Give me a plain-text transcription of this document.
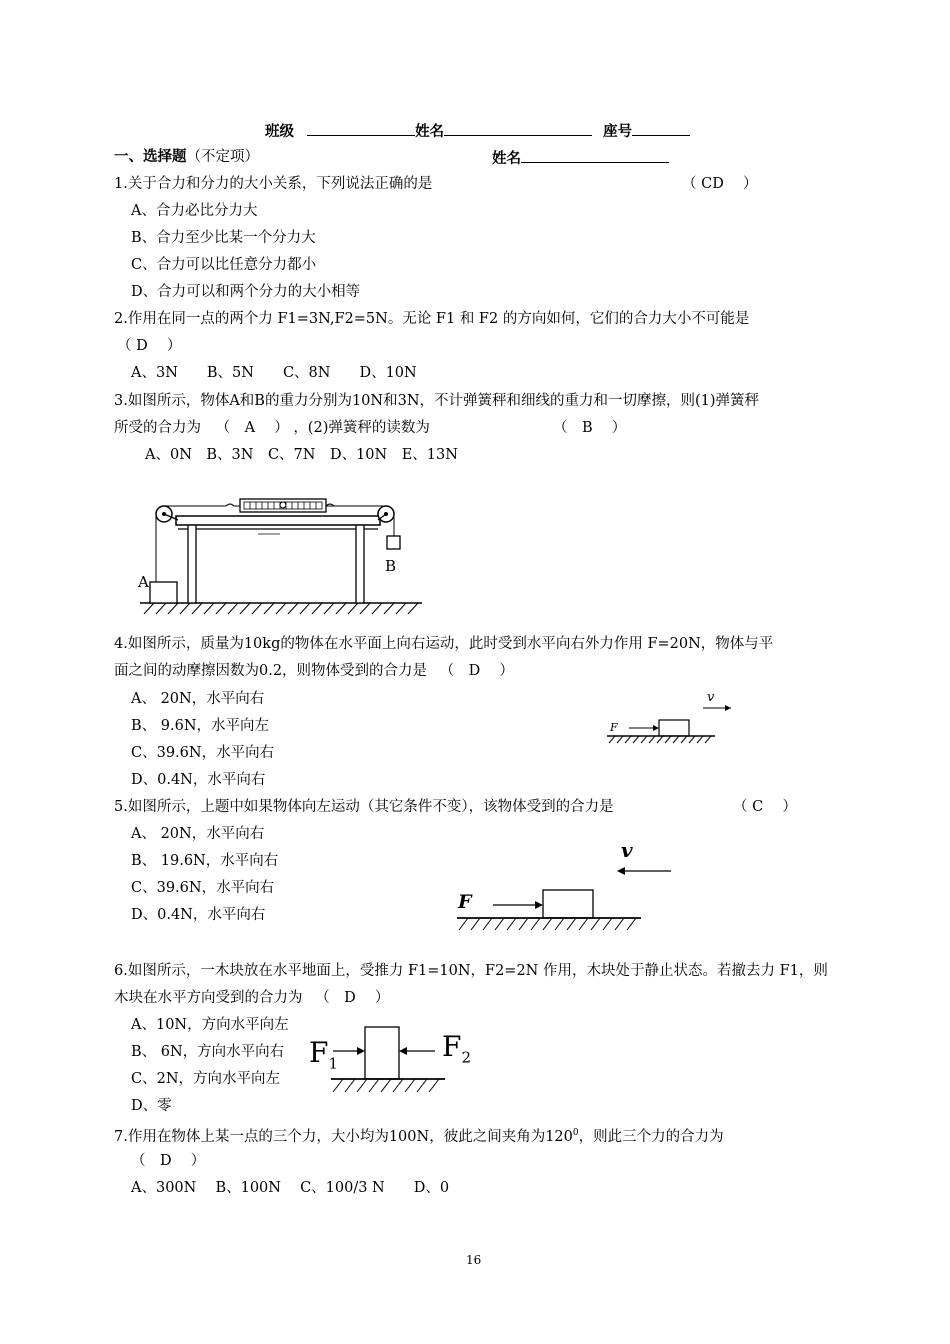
班级	姓名	座号
一、选择题（不定项）	姓名
1.关于合力和分力的大小关系，下列说法正确的是	（ CD　 ）
A、合力必比分力大
B、合力至少比某一个分力大
C、合力可以比任意分力都小
D、合力可以和两个分力的大小相等
2.作用在同一点的两个力 F1=3N,F2=5N。无论 F1 和 F2 的方向如何，它们的合力大小不可能是
（ D　 ）
A、3N　　B、5N　　C、8N　　D、10N
3.如图所示，物体A和B的重力分别为10N和3N，不计弹簧秤和细线的重力和一切摩擦，则(1)弹簧秤
所受的合力为 （　A　 ） ，(2)弹簧秤的读数为	（　B　 ）
A、0N　B、3N　C、7N　D、10N　E、13N
A
B
4.如图所示，质量为10kg的物体在水平面上向右运动，此时受到水平向右外力作用 F=20N，物体与平
面之间的动摩擦因数为0.2，则物体受到的合力是 （　D　 ）
A、 20N，水平向右
B、 9.6N，水平向左
C、39.6N，水平向右
D、0.4N，水平向右
v
F
5.如图所示，上题中如果物体向左运动（其它条件不变），该物体受到的合力是	（ C　 ）
A、 20N，水平向右
B、 19.6N，水平向右
C、39.6N，水平向右
D、0.4N，水平向右
v
F
6.如图所示，一木块放在水平地面上，受推力 F1=10N，F2=2N 作用，木块处于静止状态。若撤去力 F1，则
木块在水平方向受到的合力为 （　D　 ）
A、10N，方向水平向左
B、 6N，方向水平向右
C、2N，方向水平向左
D、零
$F_1$
$F_2$
7.作用在物体上某一点的三个力，大小均为100N，彼此之间夹角为$120^0$，则此三个力的合力为
（　D　 ）
A、300N　 B、100N　 C、100/3 N　　D、0
16
